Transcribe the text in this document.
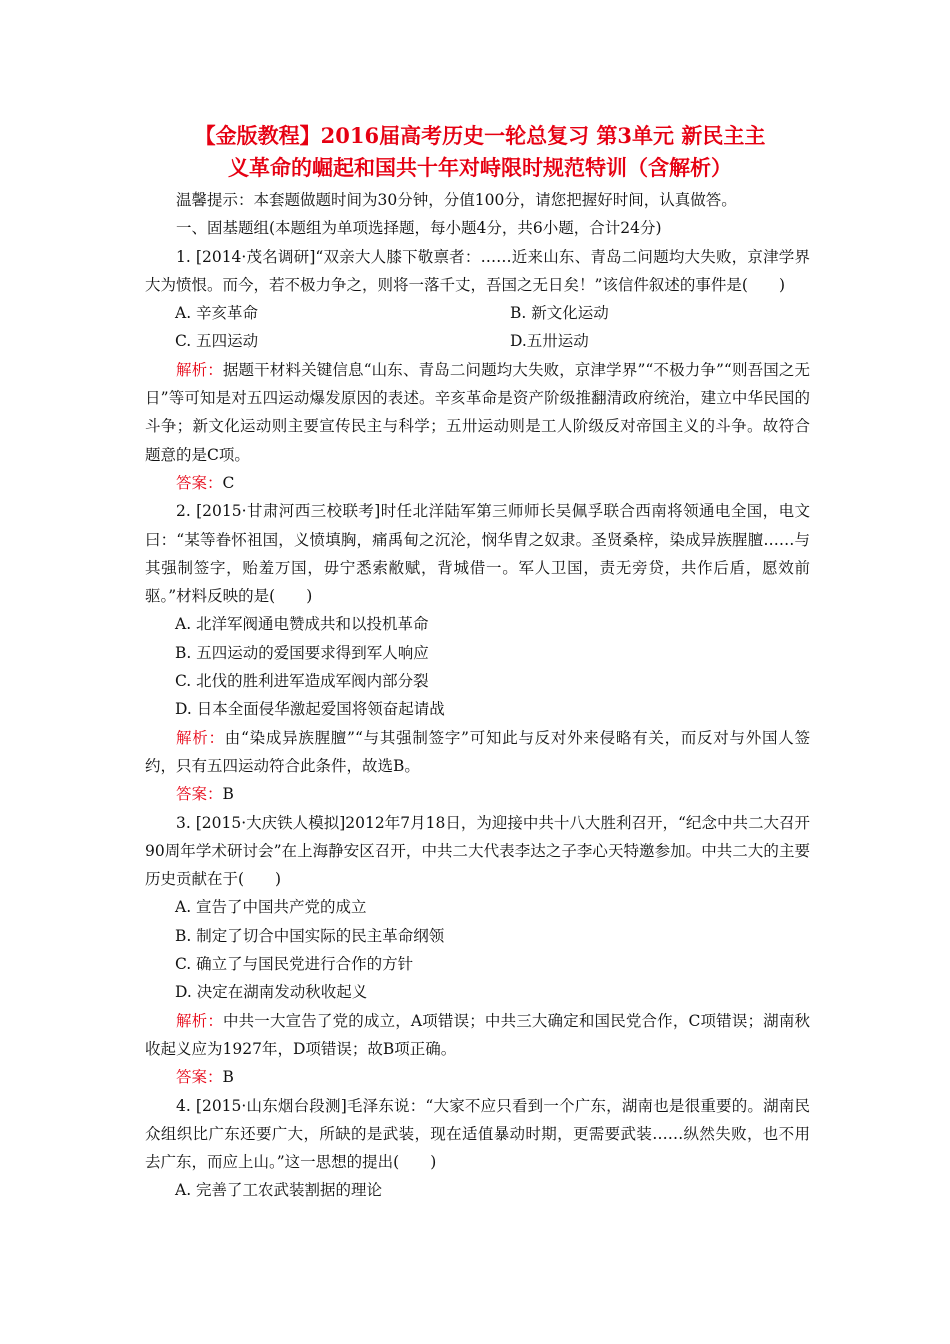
【金版教程】2016届高考历史一轮总复习 第3单元 新民主主
义革命的崛起和国共十年对峙限时规范特训（含解析）

温馨提示：本套题做题时间为30分钟，分值100分，请您把握好时间，认真做答。

一、固基题组(本题组为单项选择题，每小题4分，共6小题，合计24分)

1. [2014·茂名调研]“双亲大人膝下敬禀者：……近来山东、青岛二问题均大失败，京津学界大为愤恨。而今，若不极力争之，则将一落千丈，吾国之无日矣！”该信件叙述的事件是(　　)

A. 辛亥革命	B. 新文化运动
C. 五四运动	D.五卅运动

解析：据题干材料关键信息“山东、青岛二问题均大失败，京津学界”“不极力争”“则吾国之无日”等可知是对五四运动爆发原因的表述。辛亥革命是资产阶级推翻清政府统治，建立中华民国的斗争；新文化运动则主要宣传民主与科学；五卅运动则是工人阶级反对帝国主义的斗争。故符合题意的是C项。

答案：C

2. [2015·甘肃河西三校联考]时任北洋陆军第三师师长吴佩孚联合西南将领通电全国，电文曰：“某等眷怀祖国，义愤填胸，痛禹甸之沉沦，悯华胄之奴隶。圣贤桑梓，染成异族腥膻……与其强制签字，贻羞万国，毋宁悉索敝赋，背城借一。军人卫国，责无旁贷，共作后盾，愿效前驱。”材料反映的是(　　)

A. 北洋军阀通电赞成共和以投机革命

B. 五四运动的爱国要求得到军人响应

C. 北伐的胜利进军造成军阀内部分裂

D. 日本全面侵华激起爱国将领奋起请战

解析：由“染成异族腥膻”“与其强制签字”可知此与反对外来侵略有关，而反对与外国人签约，只有五四运动符合此条件，故选B。

答案：B

3. [2015·大庆铁人模拟]2012年7月18日，为迎接中共十八大胜利召开，“纪念中共二大召开90周年学术研讨会”在上海静安区召开，中共二大代表李达之子李心天特邀参加。中共二大的主要历史贡献在于(　　)

A. 宣告了中国共产党的成立

B. 制定了切合中国实际的民主革命纲领

C. 确立了与国民党进行合作的方针

D. 决定在湖南发动秋收起义

解析：中共一大宣告了党的成立，A项错误；中共三大确定和国民党合作，C项错误；湖南秋收起义应为1927年，D项错误；故B项正确。

答案：B

4. [2015·山东烟台段测]毛泽东说：“大家不应只看到一个广东，湖南也是很重要的。湖南民众组织比广东还要广大，所缺的是武装，现在适值暴动时期，更需要武装……纵然失败，也不用去广东，而应上山。”这一思想的提出(　　)

A. 完善了工农武装割据的理论
